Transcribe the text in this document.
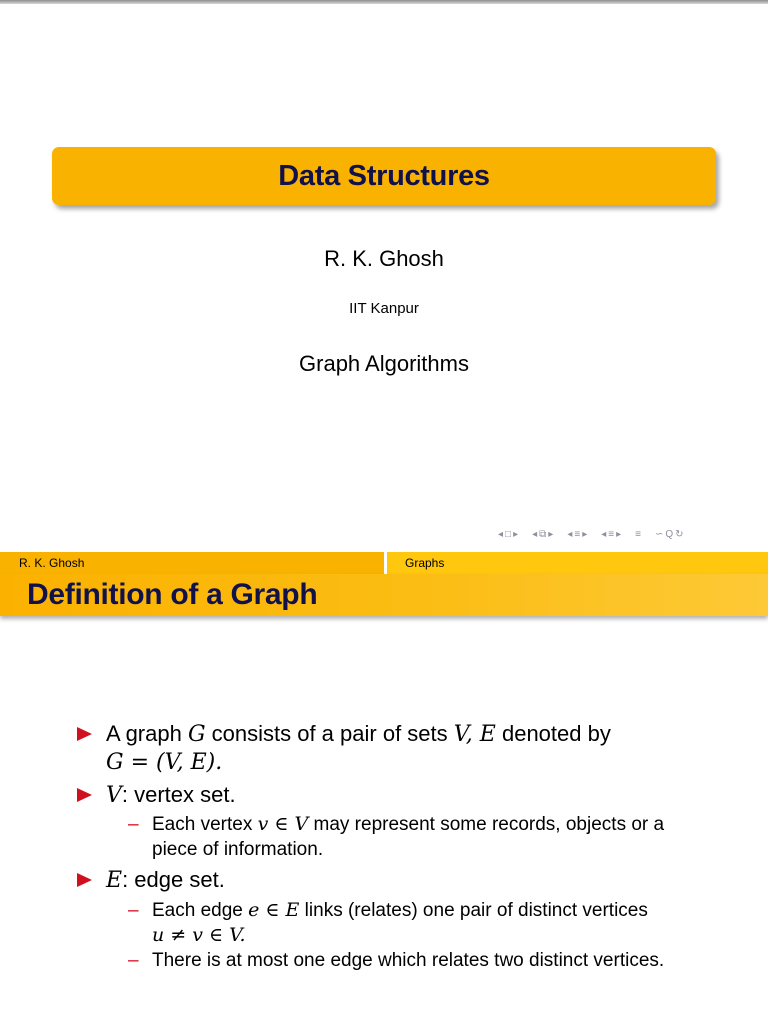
Data Structures
R. K. Ghosh
IIT Kanpur
Graph Algorithms
◂ □ ▸ ◂ ⧉ ▸ ◂ ≡ ▸ ◂ ≡ ▸ ≡ ∽ Q ↻
R. K. Ghosh	Graphs
Definition of a Graph
A graph G consists of a pair of sets V, E denoted by
G = (V, E).
V: vertex set.
– Each vertex v ∈ V may represent some records, objects or a piece of information.
E: edge set.
– Each edge e ∈ E links (relates) one pair of distinct vertices
u ≠ v ∈ V.
– There is at most one edge which relates two distinct vertices.
